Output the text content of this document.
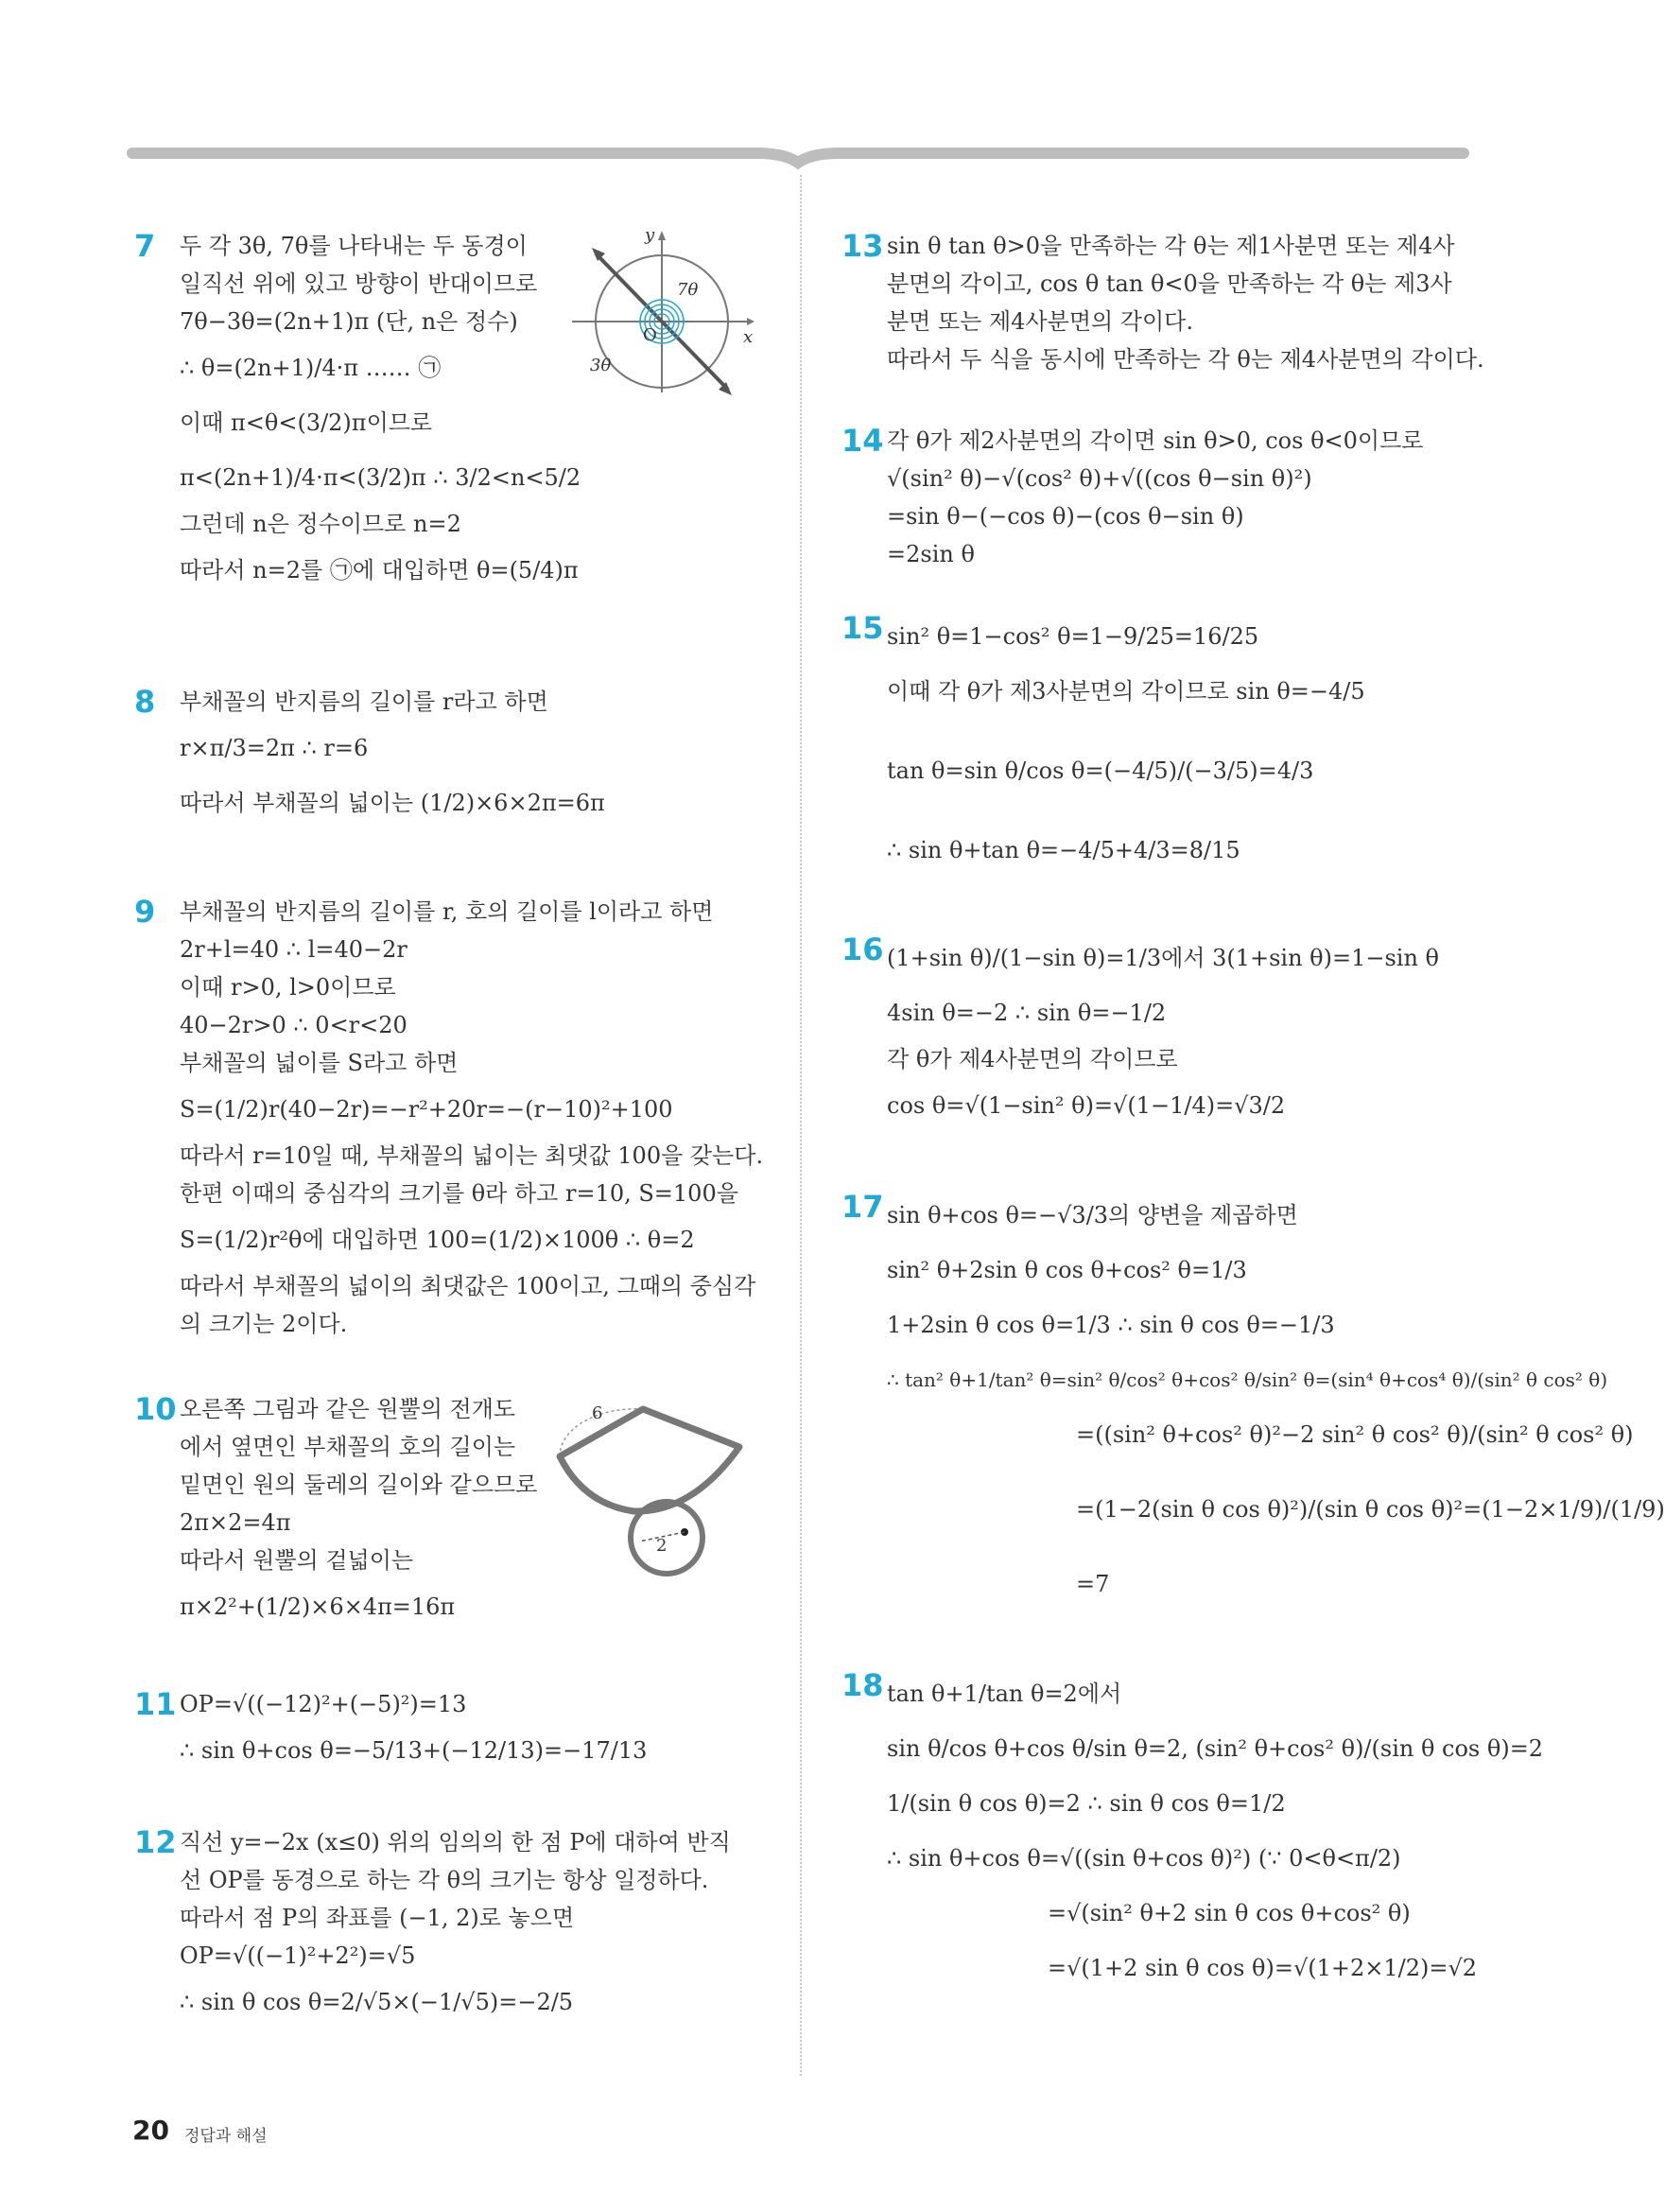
7 두 각 3θ, 7θ를 나타내는 두 동경이
일직선 위에 있고 방향이 반대이므로
7θ−3θ=(2n+1)π (단, n은 정수)
∴ θ=(2n+1)/4·π …… ㉠
이때 π<θ<(3/2)π이므로
π<(2n+1)/4·π<(3/2)π ∴ 3/2<n<5/2
그런데 n은 정수이므로 n=2
따라서 n=2를 ㉠에 대입하면 θ=(5/4)π
y
x
O
7θ
3θ
8 부채꼴의 반지름의 길이를 r라고 하면
r×π/3=2π ∴ r=6
따라서 부채꼴의 넓이는 (1/2)×6×2π=6π
9 부채꼴의 반지름의 길이를 r, 호의 길이를 l이라고 하면
2r+l=40 ∴ l=40−2r
이때 r>0, l>0이므로
40−2r>0 ∴ 0<r<20
부채꼴의 넓이를 S라고 하면
S=(1/2)r(40−2r)=−r²+20r=−(r−10)²+100
따라서 r=10일 때, 부채꼴의 넓이는 최댓값 100을 갖는다.
한편 이때의 중심각의 크기를 θ라 하고 r=10, S=100을
S=(1/2)r²θ에 대입하면 100=(1/2)×100θ ∴ θ=2
따라서 부채꼴의 넓이의 최댓값은 100이고, 그때의 중심각
의 크기는 2이다.
10 오른쪽 그림과 같은 원뿔의 전개도
에서 옆면인 부채꼴의 호의 길이는
밑면인 원의 둘레의 길이와 같으므로
2π×2=4π
따라서 원뿔의 겉넓이는
π×2²+(1/2)×6×4π=16π
6
2
11 OP=√((−12)²+(−5)²)=13
∴ sin θ+cos θ=−5/13+(−12/13)=−17/13
12 직선 y=−2x (x≤0) 위의 임의의 한 점 P에 대하여 반직
선 OP를 동경으로 하는 각 θ의 크기는 항상 일정하다.
따라서 점 P의 좌표를 (−1, 2)로 놓으면
OP=√((−1)²+2²)=√5
∴ sin θ cos θ=2/√5×(−1/√5)=−2/5
13 sin θ tan θ>0을 만족하는 각 θ는 제1사분면 또는 제4사
분면의 각이고, cos θ tan θ<0을 만족하는 각 θ는 제3사
분면 또는 제4사분면의 각이다.
따라서 두 식을 동시에 만족하는 각 θ는 제4사분면의 각이다.
14 각 θ가 제2사분면의 각이면 sin θ>0, cos θ<0이므로
√(sin² θ)−√(cos² θ)+√((cos θ−sin θ)²)
=sin θ−(−cos θ)−(cos θ−sin θ)
=2sin θ
15 sin² θ=1−cos² θ=1−9/25=16/25
이때 각 θ가 제3사분면의 각이므로 sin θ=−4/5
tan θ=sin θ/cos θ=(−4/5)/(−3/5)=4/3
∴ sin θ+tan θ=−4/5+4/3=8/15
16 (1+sin θ)/(1−sin θ)=1/3에서 3(1+sin θ)=1−sin θ
4sin θ=−2 ∴ sin θ=−1/2
각 θ가 제4사분면의 각이므로
cos θ=√(1−sin² θ)=√(1−1/4)=√3/2
17 sin θ+cos θ=−√3/3의 양변을 제곱하면
sin² θ+2sin θ cos θ+cos² θ=1/3
1+2sin θ cos θ=1/3 ∴ sin θ cos θ=−1/3
∴ tan² θ+1/tan² θ=sin² θ/cos² θ+cos² θ/sin² θ=(sin⁴ θ+cos⁴ θ)/(sin² θ cos² θ)
=((sin² θ+cos² θ)²−2 sin² θ cos² θ)/(sin² θ cos² θ)
=(1−2(sin θ cos θ)²)/(sin θ cos θ)²=(1−2×1/9)/(1/9)
=7
18 tan θ+1/tan θ=2에서
sin θ/cos θ+cos θ/sin θ=2, (sin² θ+cos² θ)/(sin θ cos θ)=2
1/(sin θ cos θ)=2 ∴ sin θ cos θ=1/2
∴ sin θ+cos θ=√((sin θ+cos θ)²) (∵ 0<θ<π/2)
=√(sin² θ+2 sin θ cos θ+cos² θ)
=√(1+2 sin θ cos θ)=√(1+2×1/2)=√2
20 정답과 해설
